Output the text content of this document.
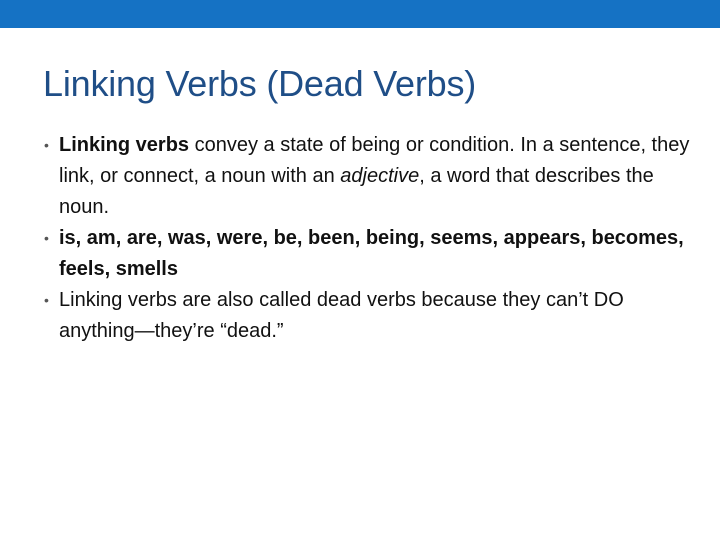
Linking Verbs (Dead Verbs)
• Linking verbs convey a state of being or condition. In a sentence, they link, or connect, a noun with an adjective, a word that describes the noun.
• is, am, are, was, were, be, been, being, seems, appears, becomes, feels, smells
• Linking verbs are also called dead verbs because they can’t DO anything—they’re “dead.”
